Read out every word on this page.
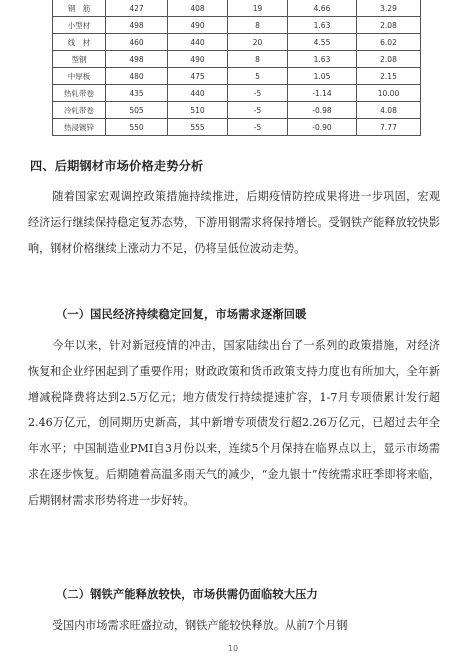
钢　筋	427	408	19	4.66	3.29
小型材	498	490	8	1.63	2.08
线　材	460	440	20	4.55	6.02
型钢	498	490	8	1.63	2.08
中厚板	480	475	5	1.05	2.15
热轧带卷	435	440	-5	-1.14	10.00
冷轧带卷	505	510	-5	-0.98	4.08
热浸镀锌	550	555	-5	-0.90	7.77
四、后期钢材市场价格走势分析
随着国家宏观调控政策措施持续推进，后期疫情防控成果将进一步巩固，宏观经济运行继续保持稳定复苏态势，下游用钢需求将保持增长。受钢铁产能释放较快影响，钢材价格继续上涨动力不足，仍将呈低位波动走势。
（一）国民经济持续稳定回复，市场需求逐渐回暖
今年以来，针对新冠疫情的冲击，国家陆续出台了一系列的政策措施，对经济恢复和企业纾困起到了重要作用；财政政策和货币政策支持力度也有所加大，全年新增减税降费将达到2.5万亿元；地方债发行持续提速扩容，1-7月专项债累计发行超2.46万亿元，创同期历史新高，其中新增专项债发行超2.26万亿元，已超过去年全年水平；中国制造业PMI自3月份以来，连续5个月保持在临界点以上，显示市场需求在逐步恢复。后期随着高温多雨天气的减少，“金九银十”传统需求旺季即将来临，后期钢材需求形势将进一步好转。
（二）钢铁产能释放较快，市场供需仍面临较大压力
受国内市场需求旺盛拉动，钢铁产能较快释放。从前7个月钢
10
